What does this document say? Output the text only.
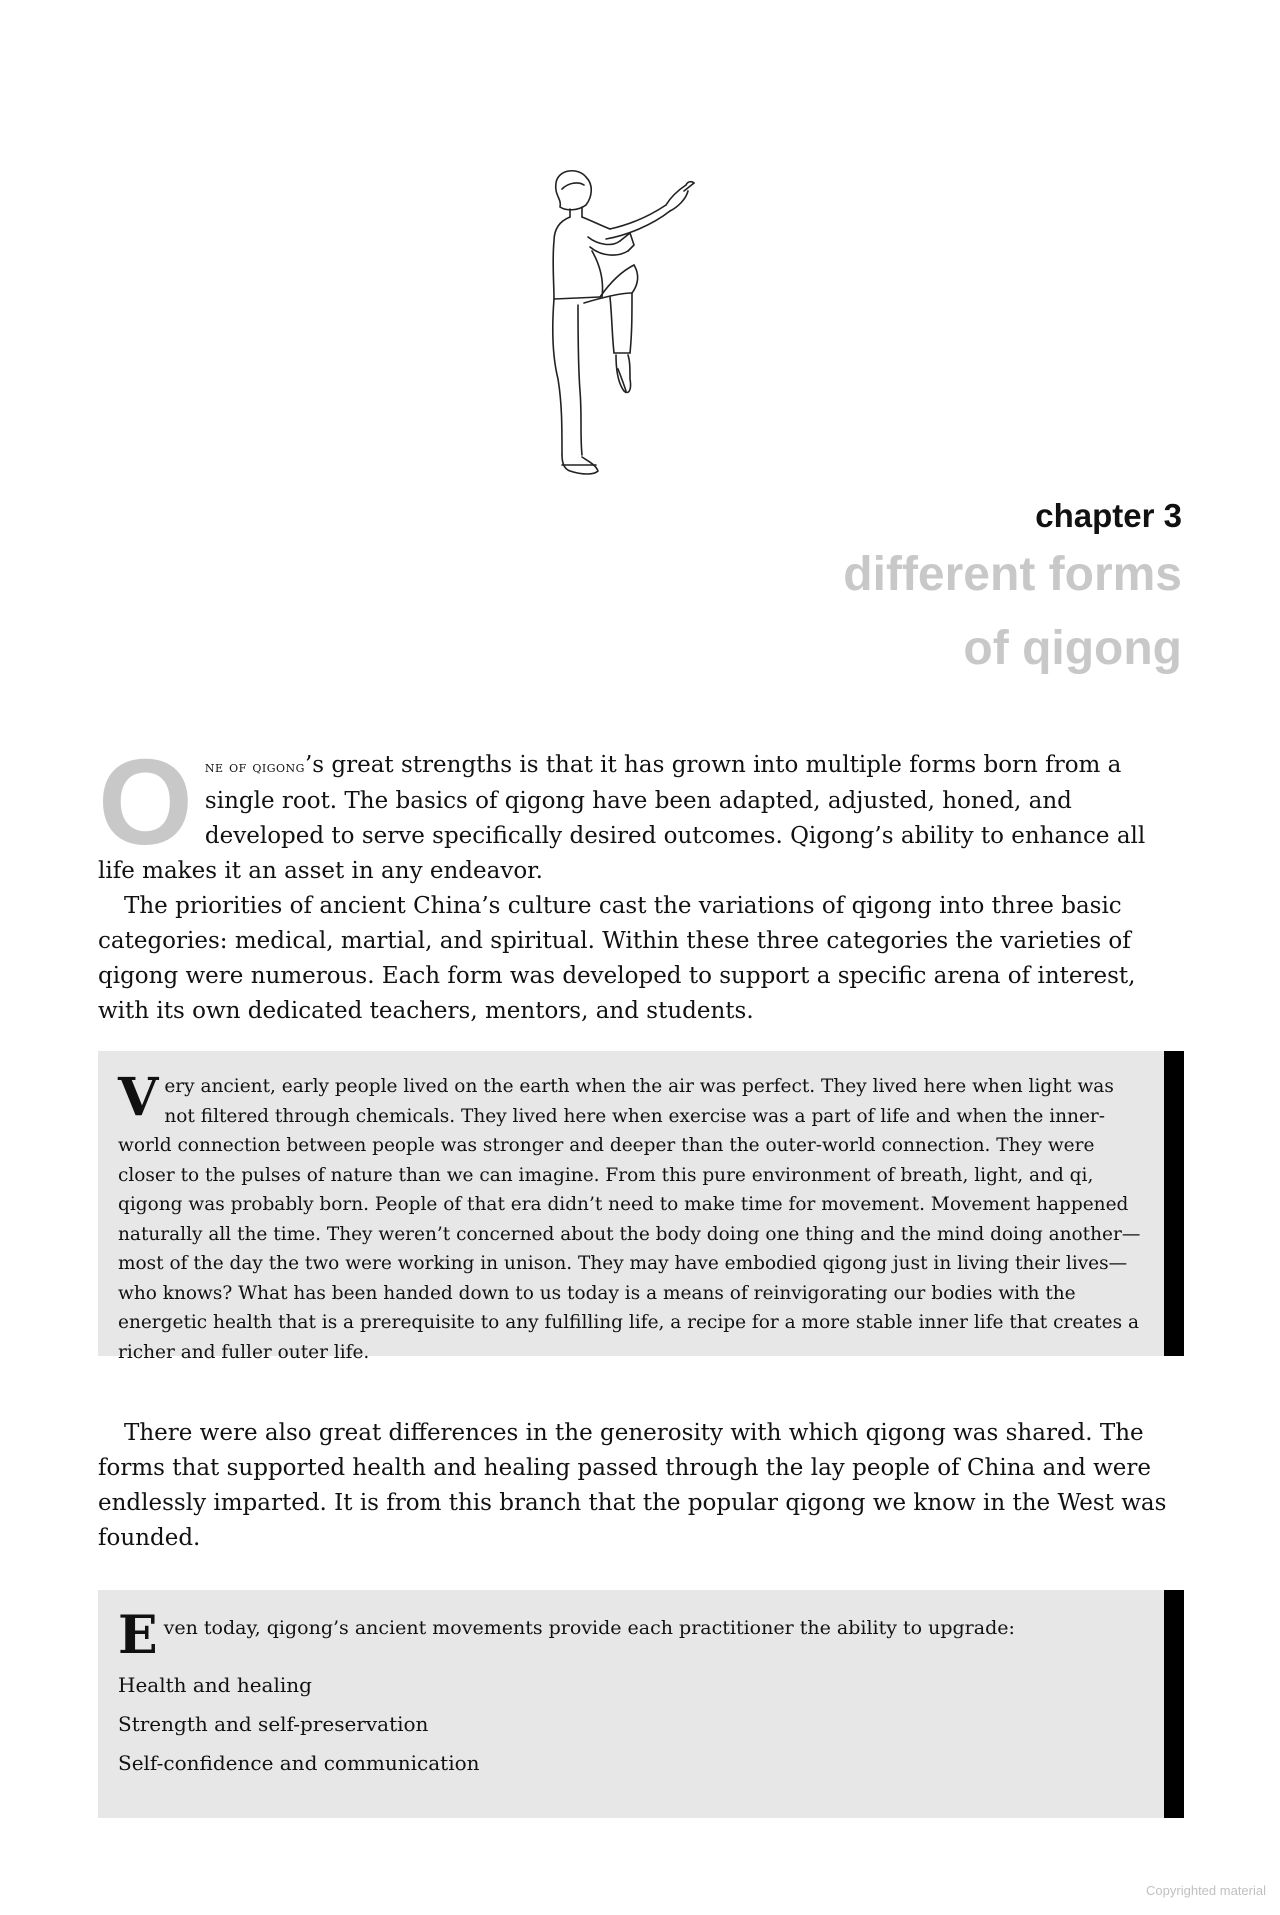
chapter 3
different forms
of qigong

One of qigong’s great strengths is that it has grown into multiple forms born from a single root. The basics of qigong have been adapted, adjusted, honed, and developed to serve specifically desired outcomes. Qigong’s ability to enhance all life makes it an asset in any endeavor.

The priorities of ancient China’s culture cast the variations of qigong into three basic categories: medical, martial, and spiritual. Within these three categories the varieties of qigong were numerous. Each form was developed to support a specific arena of interest, with its own dedicated teachers, mentors, and students.

Very ancient, early people lived on the earth when the air was perfect. They lived here when light was not filtered through chemicals. They lived here when exercise was a part of life and when the inner-world connection between people was stronger and deeper than the outer-world connection. They were closer to the pulses of nature than we can imagine. From this pure environment of breath, light, and qi, qigong was probably born. People of that era didn’t need to make time for movement. Movement happened naturally all the time. They weren’t concerned about the body doing one thing and the mind doing another—most of the day the two were working in unison. They may have embodied qigong just in living their lives—who knows? What has been handed down to us today is a means of reinvigorating our bodies with the energetic health that is a prerequisite to any fulfilling life, a recipe for a more stable inner life that creates a richer and fuller outer life.

There were also great differences in the generosity with which qigong was shared. The forms that supported health and healing passed through the lay people of China and were endlessly imparted. It is from this branch that the popular qigong we know in the West was founded.

Even today, qigong’s ancient movements provide each practitioner the ability to upgrade:

Health and healing
Strength and self-preservation
Self-confidence and communication
Copyrighted material
